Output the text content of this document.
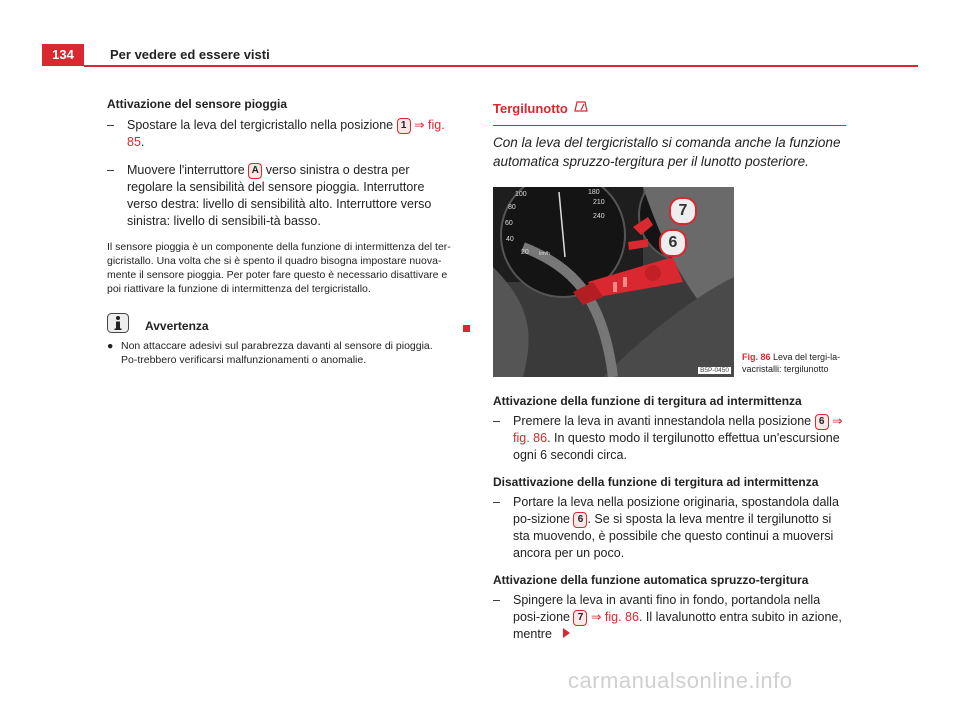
134	Per vedere ed essere visti

Attivazione del sensore pioggia

–	Spostare la leva del tergicristallo nella posizione 1 ⇒ fig. 85.
–	Muovere l'interruttore A verso sinistra o destra per regolare la sensibilità del sensore pioggia. Interruttore verso destra: livello di sensibilità alto. Interruttore verso sinistra: livello di sensibili-tà basso.
Il sensore pioggia è un componente della funzione di intermittenza del ter-gicristallo. Una volta che si è spento il quadro bisogna impostare nuova-mente il sensore pioggia. Per poter fare questo è necessario disattivare e poi riattivare la funzione di intermittenza del tergicristallo.
Avvertenza
● Non attaccare adesivi sul parabrezza davanti al sensore di pioggia. Po-trebbero verificarsi malfunzionamenti o anomalie.
Tergilunotto
Con la leva del tergicristallo si comanda anche la funzione automatica spruzzo-tergitura per il lunotto posteriore.
100
80
60
40
20 km/h
180
210
240	7
6
B5P-0450
Fig. 86 Leva del tergi-la-vacristalli: tergilunotto

Attivazione della funzione di tergitura ad intermittenza

–	Premere la leva in avanti innestandola nella posizione 6 ⇒ fig. 86. In questo modo il tergilunotto effettua un'escursione ogni 6 secondi circa.

Disattivazione della funzione di tergitura ad intermittenza

–	Portare la leva nella posizione originaria, spostandola dalla po-sizione 6 . Se si sposta la leva mentre il tergilunotto si sta muovendo, è possibile che questo continui a muoversi ancora per un poco.

Attivazione della funzione automatica spruzzo-tergitura

–	Spingere la leva in avanti fino in fondo, portandola nella posi-zione 7 ⇒ fig. 86. Il lavalunotto entra subito in azione, mentre
carmanualsonline.info
